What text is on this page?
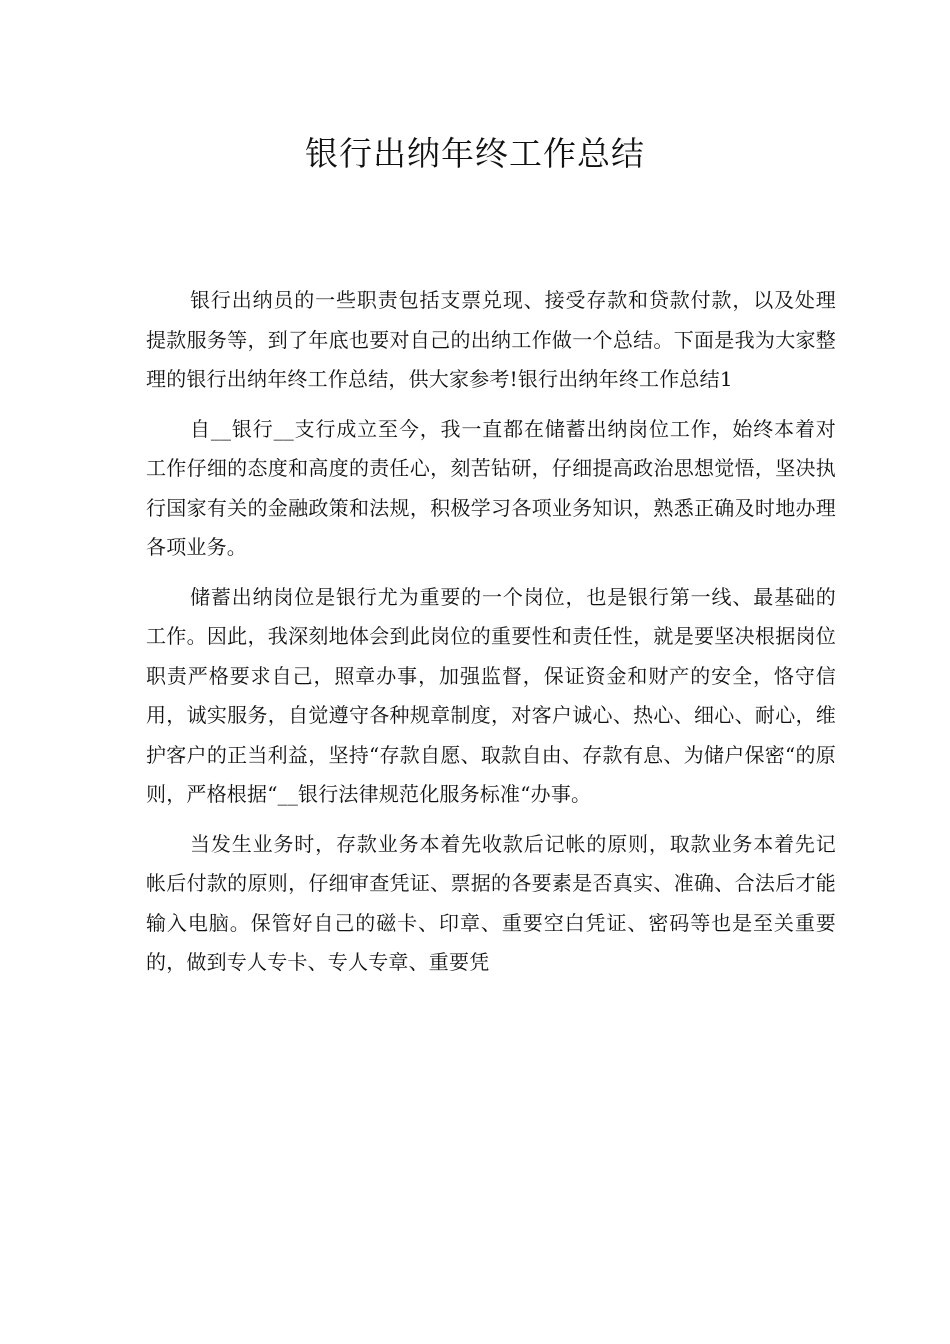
银行出纳年终工作总结

银行出纳员的一些职责包括支票兑现、接受存款和贷款付款，以及处理提款服务等，到了年底也要对自己的出纳工作做一个总结。下面是我为大家整理的银行出纳年终工作总结，供大家参考!银行出纳年终工作总结1

自__银行__支行成立至今，我一直都在储蓄出纳岗位工作，始终本着对工作仔细的态度和高度的责任心，刻苦钻研，仔细提高政治思想觉悟，坚决执行国家有关的金融政策和法规，积极学习各项业务知识，熟悉正确及时地办理各项业务。

储蓄出纳岗位是银行尤为重要的一个岗位，也是银行第一线、最基础的工作。因此，我深刻地体会到此岗位的重要性和责任性，就是要坚决根据岗位职责严格要求自己，照章办事，加强监督，保证资金和财产的安全，恪守信用，诚实服务，自觉遵守各种规章制度，对客户诚心、热心、细心、耐心，维护客户的正当利益，坚持“存款自愿、取款自由、存款有息、为储户保密“的原则，严格根据“__银行法律规范化服务标准“办事。

当发生业务时，存款业务本着先收款后记帐的原则，取款业务本着先记帐后付款的原则，仔细审查凭证、票据的各要素是否真实、准确、合法后才能输入电脑。保管好自己的磁卡、印章、重要空白凭证、密码等也是至关重要的，做到专人专卡、专人专章、重要凭
